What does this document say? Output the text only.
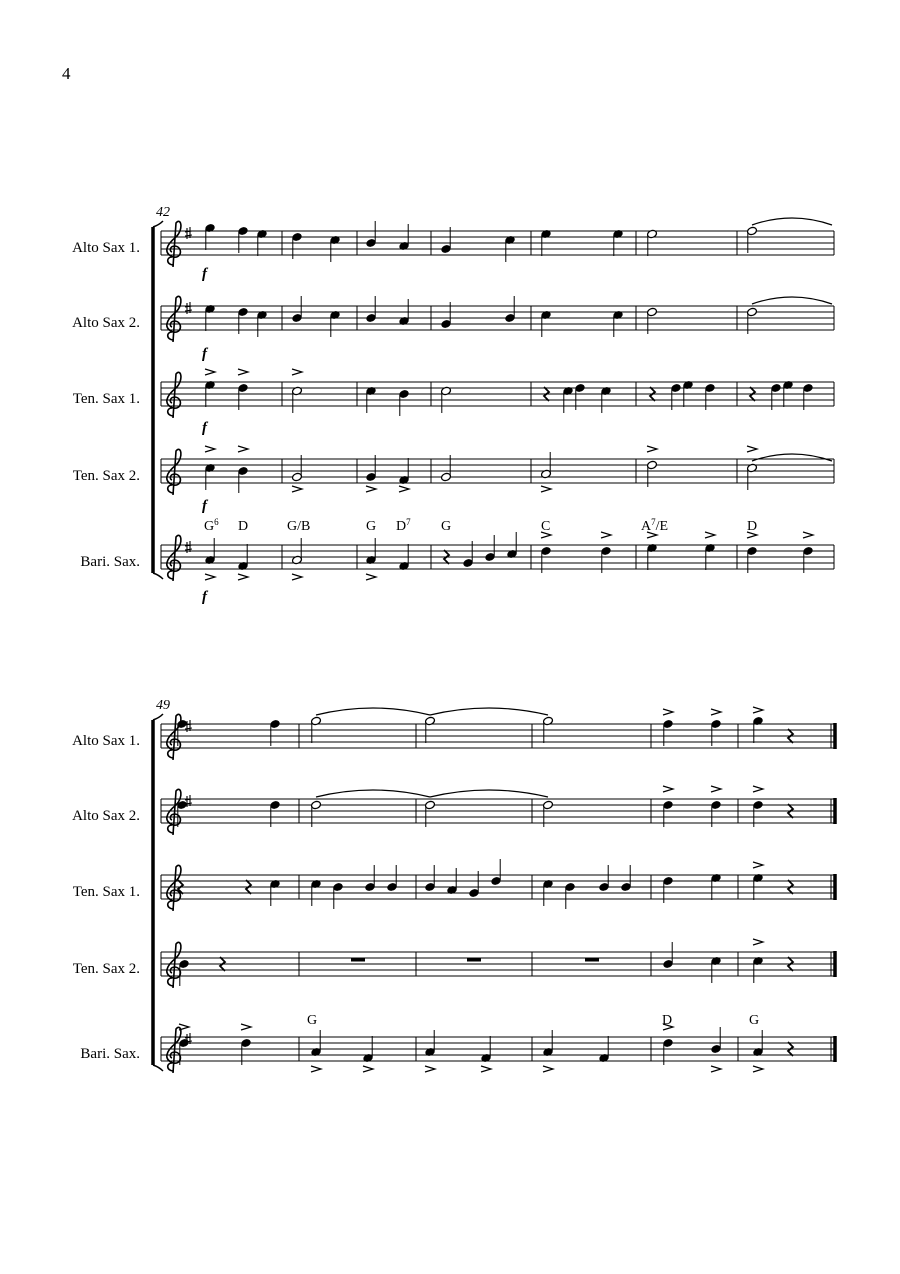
4
Alto Sax 1.
Alto Sax 2.
Ten. Sax 1.
Ten. Sax 2.
Bari. Sax.
Alto Sax 1.
Alto Sax 2.
Ten. Sax 1.
Ten. Sax 2.
Bari. Sax.
42
49
f
f
f
f
f
$G^6$ D	G/B	G $D^7$ G	C	$A^7/E$	D
G	D	G
